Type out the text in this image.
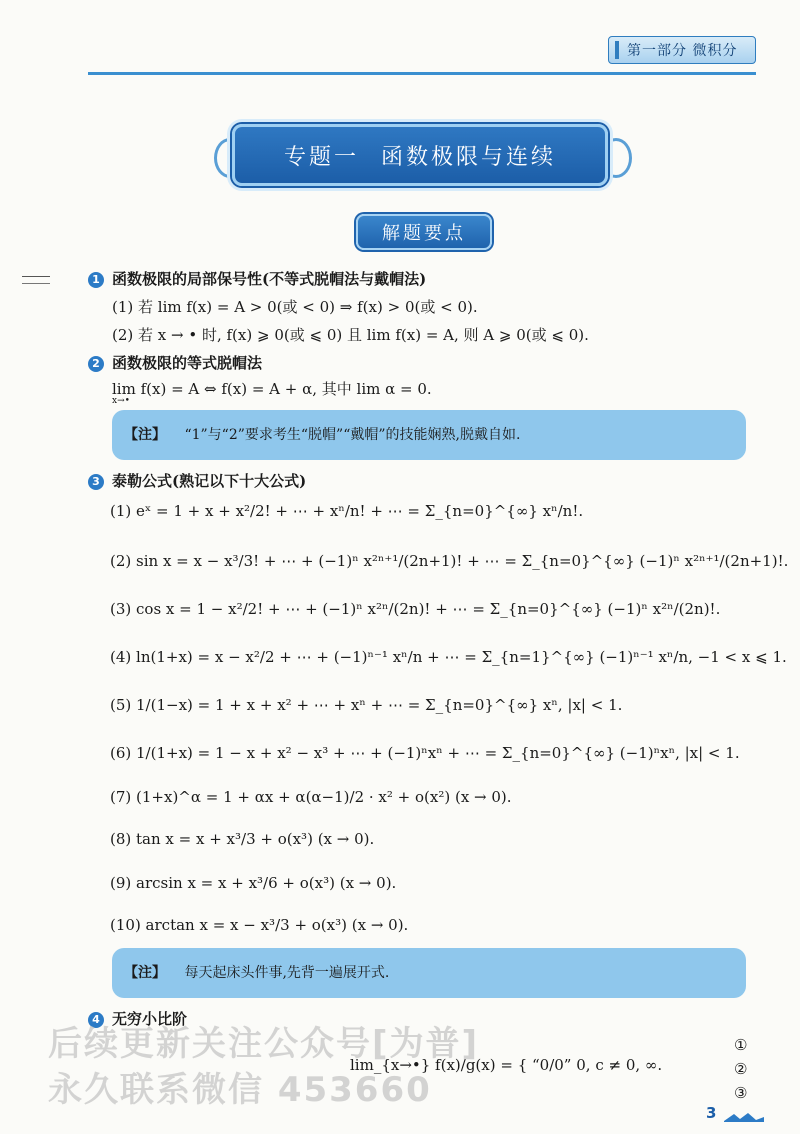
第一部分 微积分
专题一 函数极限与连续
解题要点
1 函数极限的局部保号性(不等式脱帽法与戴帽法)
(1) 若 lim f(x) = A > 0(或 < 0) ⇒ f(x) > 0(或 < 0).
(2) 若 x → • 时, f(x) ⩾ 0(或 ⩽ 0) 且 lim f(x) = A, 则 A ⩾ 0(或 ⩽ 0).
2 函数极限的等式脱帽法
lim f(x) = A ⇔ f(x) = A + α, 其中 lim α = 0.
x→•
【注】 “1”与“2”要求考生“脱帽”“戴帽”的技能娴熟,脱戴自如.
3 泰勒公式(熟记以下十大公式)
(1) eˣ = 1 + x + x²/2! + ⋯ + xⁿ/n! + ⋯ = Σ_{n=0}^{∞} xⁿ/n!.
(2) sin x = x − x³/3! + ⋯ + (−1)ⁿ x²ⁿ⁺¹/(2n+1)! + ⋯ = Σ_{n=0}^{∞} (−1)ⁿ x²ⁿ⁺¹/(2n+1)!.
(3) cos x = 1 − x²/2! + ⋯ + (−1)ⁿ x²ⁿ/(2n)! + ⋯ = Σ_{n=0}^{∞} (−1)ⁿ x²ⁿ/(2n)!.
(4) ln(1+x) = x − x²/2 + ⋯ + (−1)ⁿ⁻¹ xⁿ/n + ⋯ = Σ_{n=1}^{∞} (−1)ⁿ⁻¹ xⁿ/n, −1 < x ⩽ 1.
(5) 1/(1−x) = 1 + x + x² + ⋯ + xⁿ + ⋯ = Σ_{n=0}^{∞} xⁿ, |x| < 1.
(6) 1/(1+x) = 1 − x + x² − x³ + ⋯ + (−1)ⁿxⁿ + ⋯ = Σ_{n=0}^{∞} (−1)ⁿxⁿ, |x| < 1.
(7) (1+x)^α = 1 + αx + α(α−1)/2 · x² + o(x²) (x → 0).
(8) tan x = x + x³/3 + o(x³) (x → 0).
(9) arcsin x = x + x³/6 + o(x³) (x → 0).
(10) arctan x = x − x³/3 + o(x³) (x → 0).
【注】 每天起床头件事,先背一遍展开式.
4 无穷小比阶
lim_{x→•} f(x)/g(x) = { “0/0” 0, c ≠ 0, ∞.
①
②
③
后续更新关注公众号[为普]
永久联系微信 453660
3
